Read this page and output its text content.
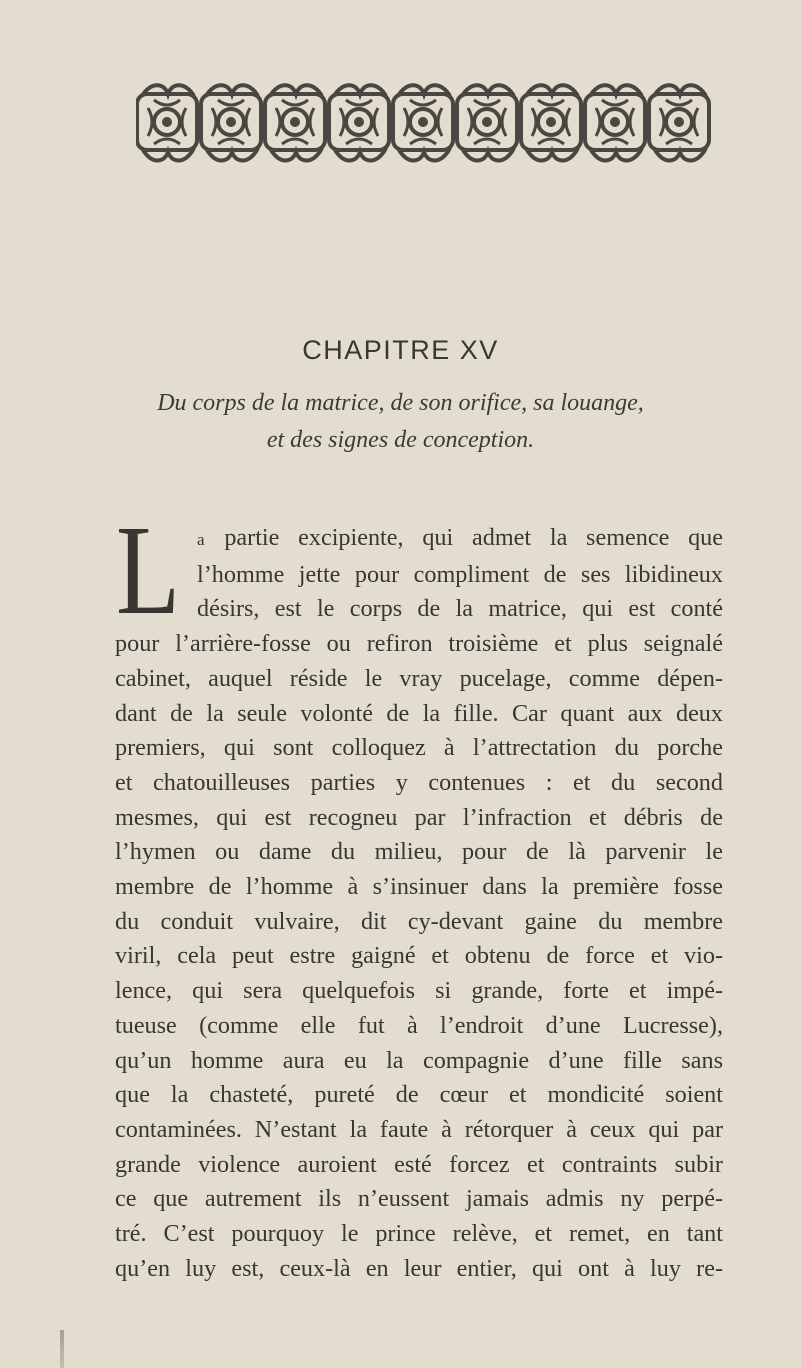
CHAPITRE XV

Du corps de la matrice, de son orifice, sa louange,
et des signes de conception.

L a partie excipiente, qui admet la semence que
l’homme jette pour compliment de ses libidineux
désirs, est le corps de la matrice, qui est conté
pour l’arrière-fosse ou refiron troisième et plus seignalé
cabinet, auquel réside le vray pucelage, comme dépen-
dant de la seule volonté de la fille. Car quant aux deux
premiers, qui sont colloquez à l’attrectation du porche
et chatouilleuses parties y contenues : et du second
mesmes, qui est recogneu par l’infraction et débris de
l’hymen ou dame du milieu, pour de là parvenir le
membre de l’homme à s’insinuer dans la première fosse
du conduit vulvaire, dit cy-devant gaine du membre
viril, cela peut estre gaigné et obtenu de force et vio-
lence, qui sera quelquefois si grande, forte et impé-
tueuse (comme elle fut à l’endroit d’une Lucresse),
qu’un homme aura eu la compagnie d’une fille sans
que la chasteté, pureté de cœur et mondicité soient
contaminées. N’estant la faute à rétorquer à ceux qui par
grande violence auroient esté forcez et contraints subir
ce que autrement ils n’eussent jamais admis ny perpé-
tré. C’est pourquoy le prince relève, et remet, en tant
qu’en luy est, ceux-là en leur entier, qui ont à luy re-
